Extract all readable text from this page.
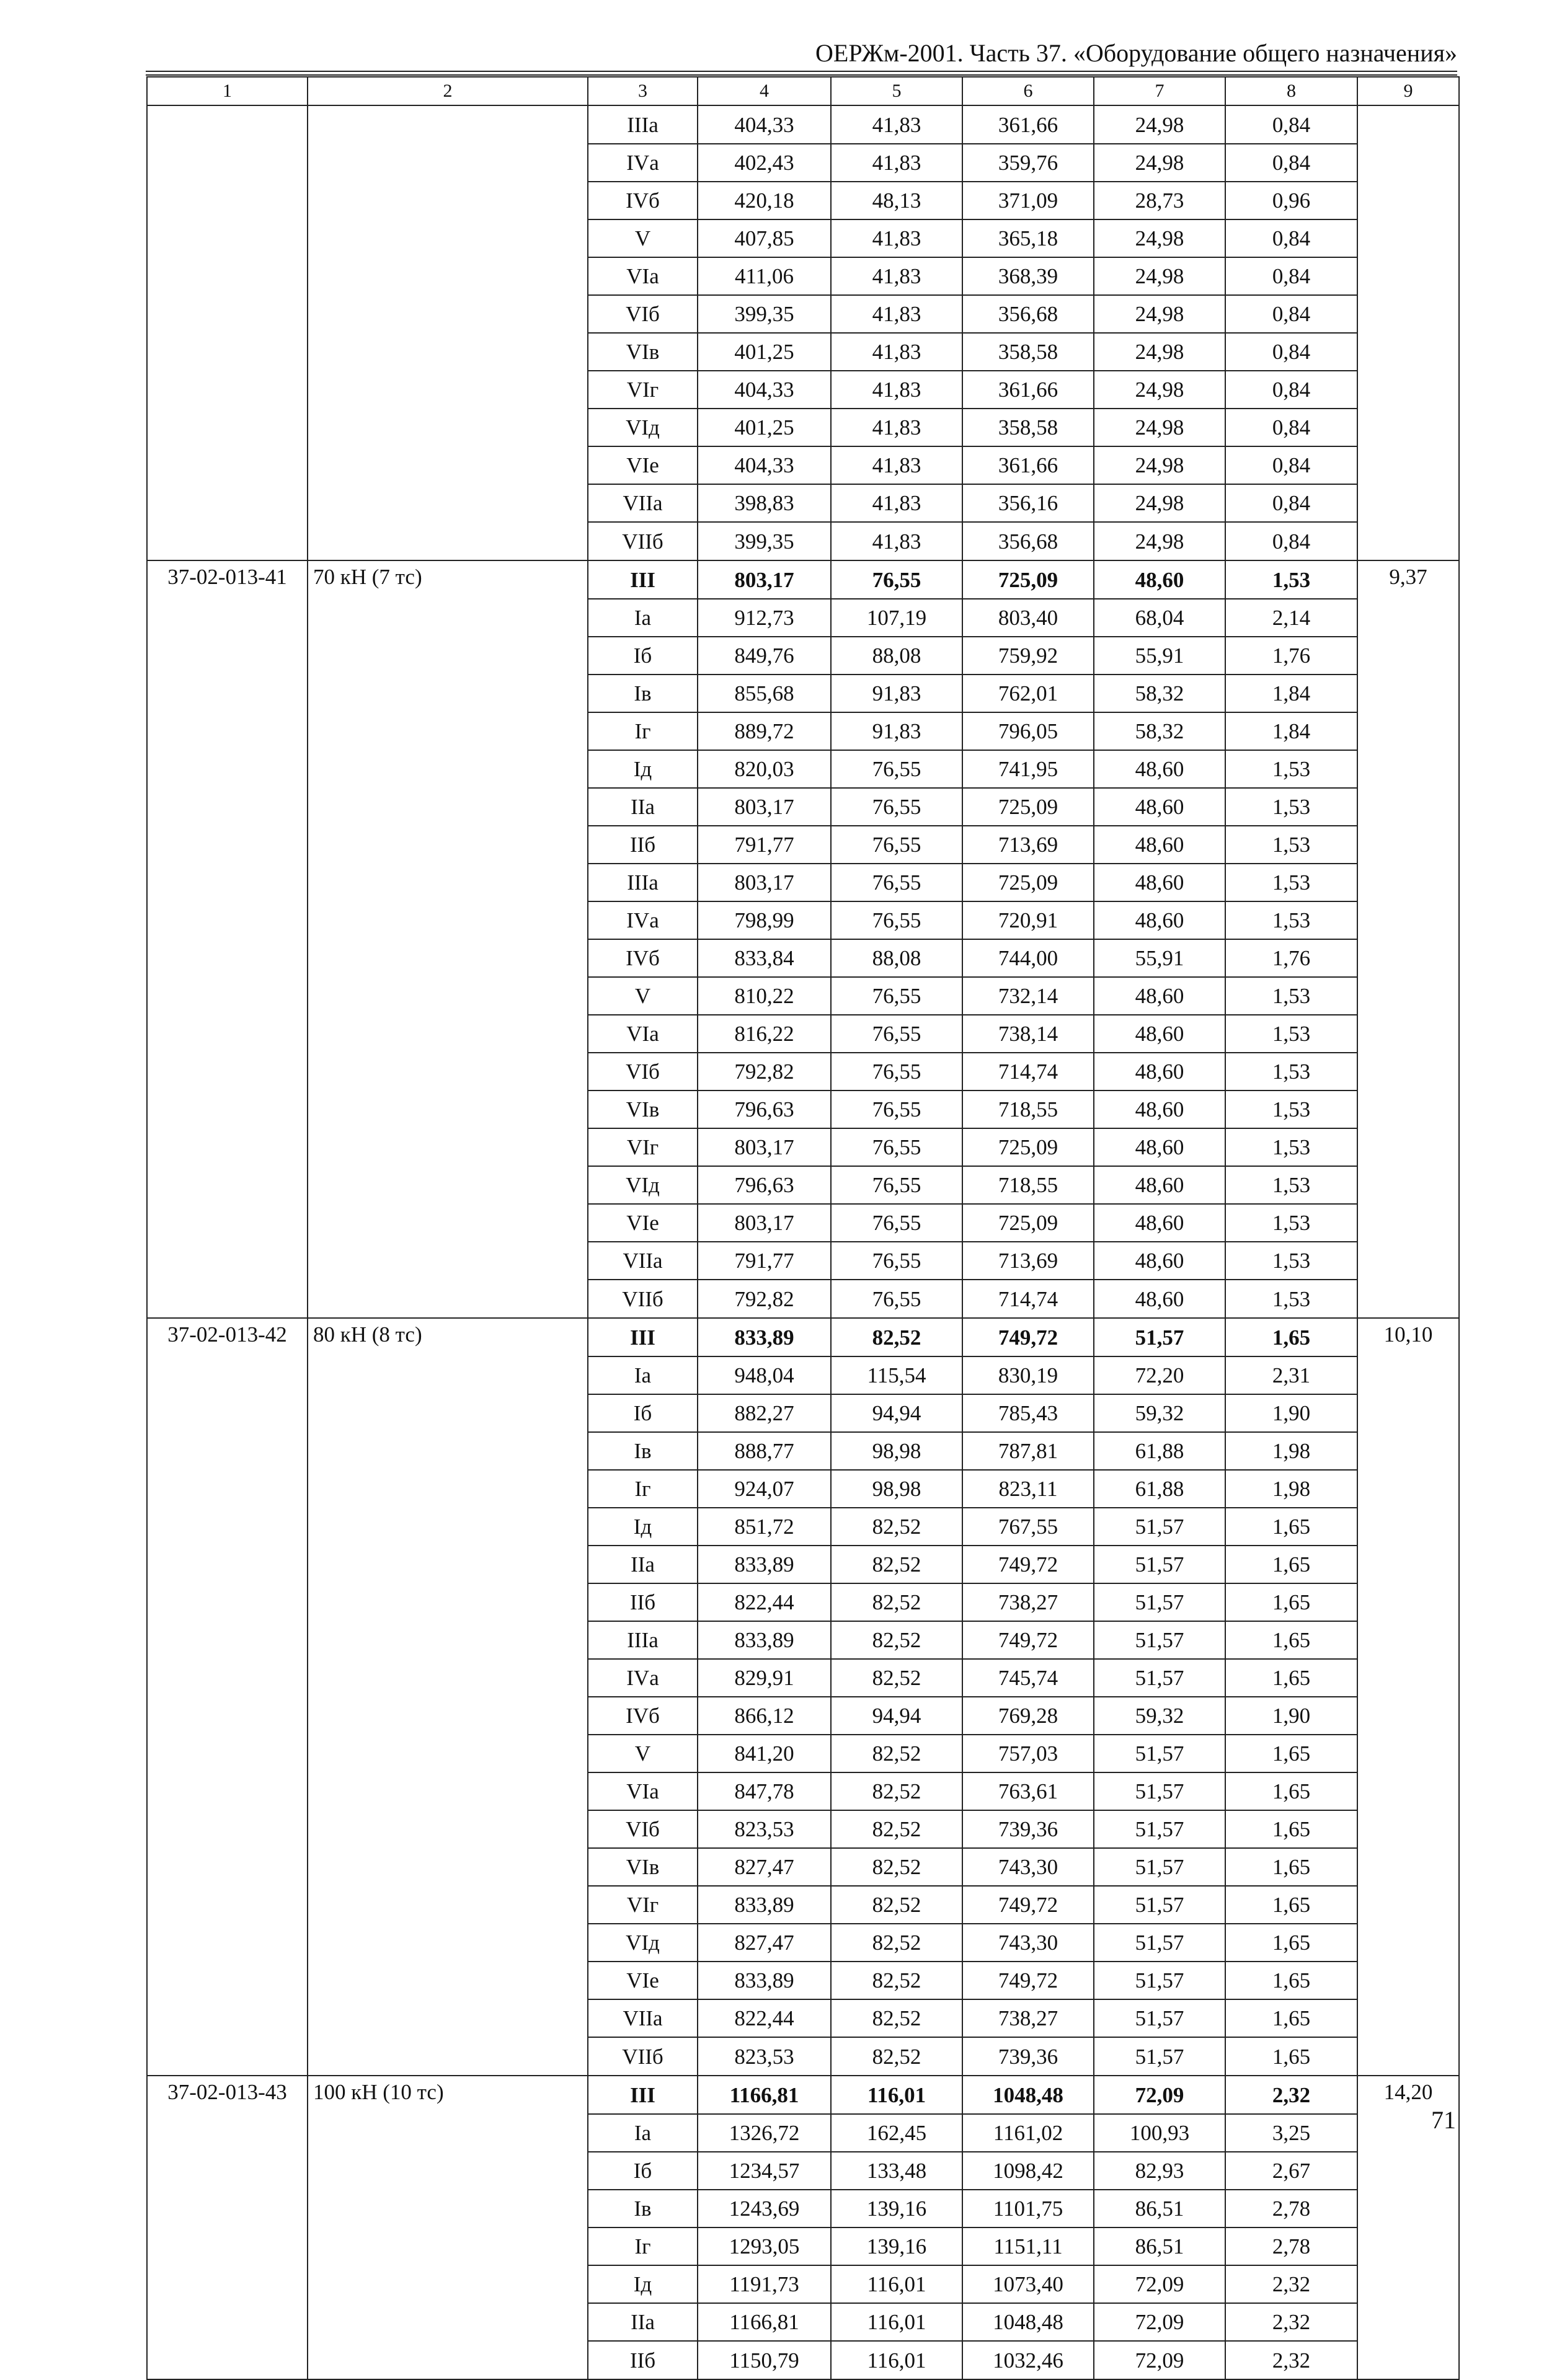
ОЕРЖм-2001. Часть 37. «Оборудование общего назначения»
1	2	3	4	5	6	7	8	9
		IIIа	404,33	41,83	361,66	24,98	0,84	
		IVа	402,43	41,83	359,76	24,98	0,84	
		IVб	420,18	48,13	371,09	28,73	0,96	
		V	407,85	41,83	365,18	24,98	0,84	
		VIа	411,06	41,83	368,39	24,98	0,84	
		VIб	399,35	41,83	356,68	24,98	0,84	
		VIв	401,25	41,83	358,58	24,98	0,84	
		VIг	404,33	41,83	361,66	24,98	0,84	
		VIд	401,25	41,83	358,58	24,98	0,84	
		VIе	404,33	41,83	361,66	24,98	0,84	
		VIIа	398,83	41,83	356,16	24,98	0,84	
		VIIб	399,35	41,83	356,68	24,98	0,84	
37-02-013-41	70 кН (7 тс)	III	803,17	76,55	725,09	48,60	1,53	9,37
		Iа	912,73	107,19	803,40	68,04	2,14	
		Iб	849,76	88,08	759,92	55,91	1,76	
		Iв	855,68	91,83	762,01	58,32	1,84	
		Iг	889,72	91,83	796,05	58,32	1,84	
		Iд	820,03	76,55	741,95	48,60	1,53	
		IIа	803,17	76,55	725,09	48,60	1,53	
		IIб	791,77	76,55	713,69	48,60	1,53	
		IIIа	803,17	76,55	725,09	48,60	1,53	
		IVа	798,99	76,55	720,91	48,60	1,53	
		IVб	833,84	88,08	744,00	55,91	1,76	
		V	810,22	76,55	732,14	48,60	1,53	
		VIа	816,22	76,55	738,14	48,60	1,53	
		VIб	792,82	76,55	714,74	48,60	1,53	
		VIв	796,63	76,55	718,55	48,60	1,53	
		VIг	803,17	76,55	725,09	48,60	1,53	
		VIд	796,63	76,55	718,55	48,60	1,53	
		VIе	803,17	76,55	725,09	48,60	1,53	
		VIIа	791,77	76,55	713,69	48,60	1,53	
		VIIб	792,82	76,55	714,74	48,60	1,53	
37-02-013-42	80 кН (8 тс)	III	833,89	82,52	749,72	51,57	1,65	10,10
		Iа	948,04	115,54	830,19	72,20	2,31	
		Iб	882,27	94,94	785,43	59,32	1,90	
		Iв	888,77	98,98	787,81	61,88	1,98	
		Iг	924,07	98,98	823,11	61,88	1,98	
		Iд	851,72	82,52	767,55	51,57	1,65	
		IIа	833,89	82,52	749,72	51,57	1,65	
		IIб	822,44	82,52	738,27	51,57	1,65	
		IIIа	833,89	82,52	749,72	51,57	1,65	
		IVа	829,91	82,52	745,74	51,57	1,65	
		IVб	866,12	94,94	769,28	59,32	1,90	
		V	841,20	82,52	757,03	51,57	1,65	
		VIа	847,78	82,52	763,61	51,57	1,65	
		VIб	823,53	82,52	739,36	51,57	1,65	
		VIв	827,47	82,52	743,30	51,57	1,65	
		VIг	833,89	82,52	749,72	51,57	1,65	
		VIд	827,47	82,52	743,30	51,57	1,65	
		VIе	833,89	82,52	749,72	51,57	1,65	
		VIIа	822,44	82,52	738,27	51,57	1,65	
		VIIб	823,53	82,52	739,36	51,57	1,65	
37-02-013-43	100 кН (10 тс)	III	1166,81	116,01	1048,48	72,09	2,32	14,20
		Iа	1326,72	162,45	1161,02	100,93	3,25	
		Iб	1234,57	133,48	1098,42	82,93	2,67	
		Iв	1243,69	139,16	1101,75	86,51	2,78	
		Iг	1293,05	139,16	1151,11	86,51	2,78	
		Iд	1191,73	116,01	1073,40	72,09	2,32	
		IIа	1166,81	116,01	1048,48	72,09	2,32	
		IIб	1150,79	116,01	1032,46	72,09	2,32	
71
